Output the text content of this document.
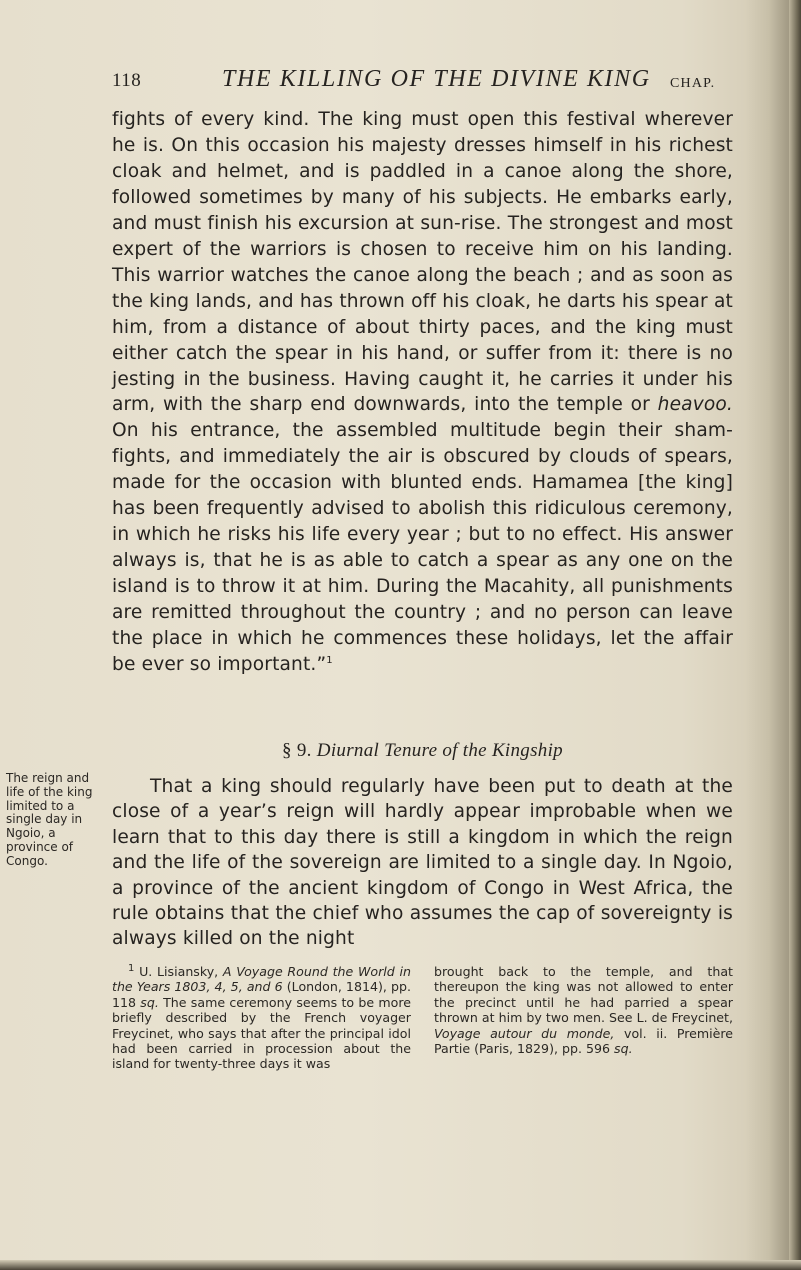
118	THE KILLING OF THE DIVINE KING CHAP.

fights of every kind. The king must open this festival wherever he is. On this occasion his majesty dresses himself in his richest cloak and helmet, and is paddled in a canoe along the shore, followed sometimes by many of his subjects. He embarks early, and must finish his excursion at sun-rise. The strongest and most expert of the warriors is chosen to receive him on his landing. This warrior watches the canoe along the beach ; and as soon as the king lands, and has thrown off his cloak, he darts his spear at him, from a distance of about thirty paces, and the king must either catch the spear in his hand, or suffer from it: there is no jesting in the business. Having caught it, he carries it under his arm, with the sharp end downwards, into the temple or heavoo. On his entrance, the assembled multitude begin their sham-fights, and immediately the air is obscured by clouds of spears, made for the occasion with blunted ends. Hamamea [the king] has been frequently advised to abolish this ridiculous ceremony, in which he risks his life every year ; but to no effect. His answer always is, that he is as able to catch a spear as any one on the island is to throw it at him. During the Macahity, all punishments are remitted throughout the country ; and no person can leave the place in which he commences these holidays, let the affair be ever so important.”$^1$

§ 9. Diurnal Tenure of the Kingship
The reign and life of the king limited to a single day in Ngoio, a province of Congo.
That a king should regularly have been put to death at the close of a year’s reign will hardly appear improbable when we learn that to this day there is still a kingdom in which the reign and the life of the sovereign are limited to a single day. In Ngoio, a province of the ancient kingdom of Congo in West Africa, the rule obtains that the chief who assumes the cap of sovereignty is always killed on the night
$^1$ U. Lisiansky, A Voyage Round the World in the Years 1803, 4, 5, and 6 (London, 1814), pp. 118 sq. The same ceremony seems to be more briefly described by the French voyager Freycinet, who says that after the principal idol had been carried in procession about the island for twenty-three days it was
brought back to the temple, and that thereupon the king was not allowed to enter the precinct until he had parried a spear thrown at him by two men. See L. de Freycinet, Voyage autour du monde, vol. ii. Première Partie (Paris, 1829), pp. 596 sq.
